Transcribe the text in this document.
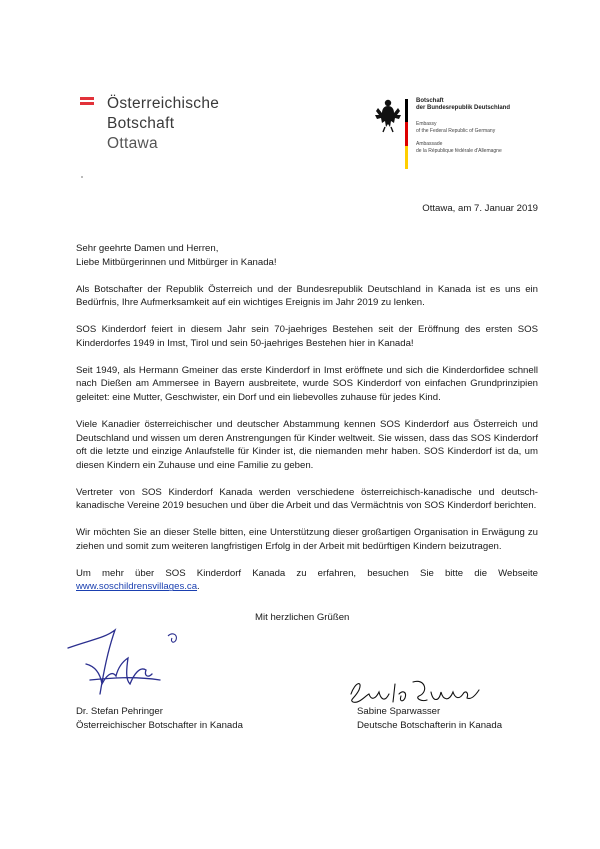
Österreichische
Botschaft
Ottawa
Botschaft
der Bundesrepublik Deutschland
Embassy
of the Federal Republic of Germany
Ambassade
de la République fédérale d'Allemagne
Ottawa, am 7. Januar 2019

Sehr geehrte Damen und Herren,
Liebe Mitbürgerinnen und Mitbürger in Kanada!

Als Botschafter der Republik Österreich und der Bundesrepublik Deutschland in Kanada ist es uns ein Bedürfnis, Ihre Aufmerksamkeit auf ein wichtiges Ereignis im Jahr 2019 zu lenken.

SOS Kinderdorf feiert in diesem Jahr sein 70-jaehriges Bestehen seit der Eröffnung des ersten SOS Kinderdorfes 1949 in Imst, Tirol und sein 50-jaehriges Bestehen hier in Kanada!

Seit 1949, als Hermann Gmeiner das erste Kinderdorf in Imst eröffnete und sich die Kinderdorfidee schnell nach Dießen am Ammersee in Bayern ausbreitete, wurde SOS Kinderdorf von einfachen Grundprinzipien geleitet: eine Mutter, Geschwister, ein Dorf und ein liebevolles zuhause für jedes Kind.

Viele Kanadier österreichischer und deutscher Abstammung kennen SOS Kinderdorf aus Österreich und Deutschland und wissen um deren Anstrengungen für Kinder weltweit. Sie wissen, dass das SOS Kinderdorf oft die letzte und einzige Anlaufstelle für Kinder ist, die niemanden mehr haben. SOS Kinderdorf ist da, um diesen Kindern ein Zuhause und eine Familie zu geben.

Vertreter von SOS Kinderdorf Kanada werden verschiedene österreichisch-kanadische und deutsch-kanadische Vereine 2019 besuchen und über die Arbeit und das Vermächtnis von SOS Kinderdorf berichten.

Wir möchten Sie an dieser Stelle bitten, eine Unterstützung dieser großartigen Organisation in Erwägung zu ziehen und somit zum weiteren langfristigen Erfolg in der Arbeit mit bedürftigen Kindern beizutragen.

Um mehr über SOS Kinderdorf Kanada zu erfahren, besuchen Sie bitte die Webseite www.soschildrensvillages.ca.

Mit herzlichen Grüßen
Dr. Stefan Pehringer
Österreichischer Botschafter in Kanada
Sabine Sparwasser
Deutsche Botschafterin in Kanada
